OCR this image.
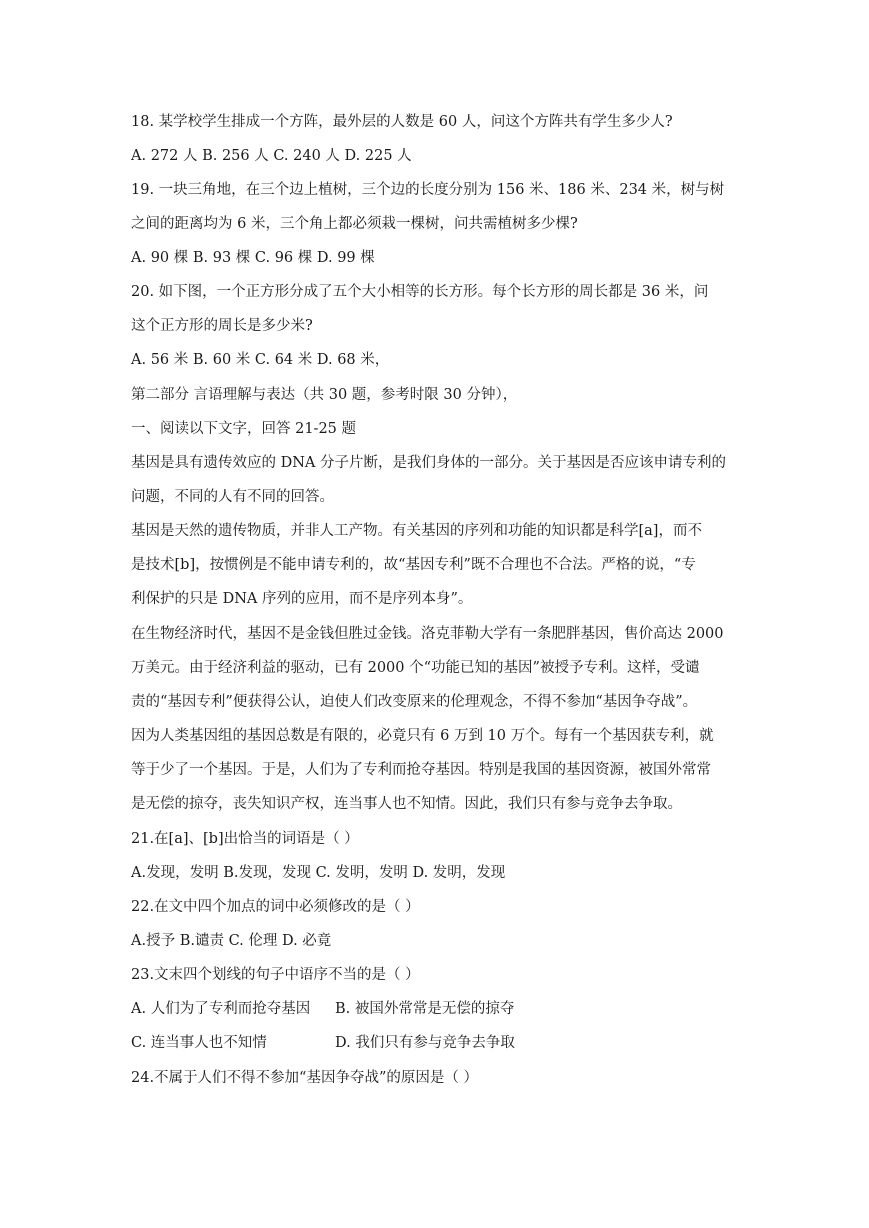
18. 某学校学生排成一个方阵，最外层的人数是 60 人，问这个方阵共有学生多少人?
A. 272 人 B. 256 人 C. 240 人 D. 225 人
19. 一块三角地，在三个边上植树，三个边的长度分别为 156 米、186 米、234 米，树与树
之间的距离均为 6 米，三个角上都必须栽一棵树，问共需植树多少棵?
A. 90 棵 B. 93 棵 C. 96 棵 D. 99 棵
20. 如下图，一个正方形分成了五个大小相等的长方形。每个长方形的周长都是 36 米，问
这个正方形的周长是多少米?
A. 56 米 B. 60 米 C. 64 米 D. 68 米，
第二部分 言语理解与表达（共 30 题，参考时限 30 分钟），
一、阅读以下文字，回答 21-25 题
基因是具有遗传效应的 DNA 分子片断，是我们身体的一部分。关于基因是否应该申请专利的
问题，不同的人有不同的回答。
基因是天然的遗传物质，并非人工产物。有关基因的序列和功能的知识都是科学[a]，而不
是技术[b]，按惯例是不能申请专利的，故“基因专利”既不合理也不合法。严格的说，“专
利保护的只是 DNA 序列的应用，而不是序列本身”。
在生物经济时代，基因不是金钱但胜过金钱。洛克菲勒大学有一条肥胖基因，售价高达 2000
万美元。由于经济利益的驱动，已有 2000 个“功能已知的基因”被授予专利。这样，受谴
责的“基因专利”便获得公认，迫使人们改变原来的伦理观念，不得不参加“基因争夺战”。
因为人类基因组的基因总数是有限的，必竟只有 6 万到 10 万个。每有一个基因获专利，就
等于少了一个基因。于是，人们为了专利而抢夺基因。特别是我国的基因资源，被国外常常
是无偿的掠夺，丧失知识产权，连当事人也不知情。因此，我们只有参与竞争去争取。
21.在[a]、[b]出恰当的词语是（ ）
A.发现，发明 B.发现，发现 C. 发明，发明 D. 发明，发现
22.在文中四个加点的词中必须修改的是（ ）
A.授予 B.谴责 C. 伦理 D. 必竟
23.文末四个划线的句子中语序不当的是（ ）
A. 人们为了专利而抢夺基因 B. 被国外常常是无偿的掠夺
C. 连当事人也不知情	D. 我们只有参与竞争去争取
24.不属于人们不得不参加“基因争夺战”的原因是（ ）
